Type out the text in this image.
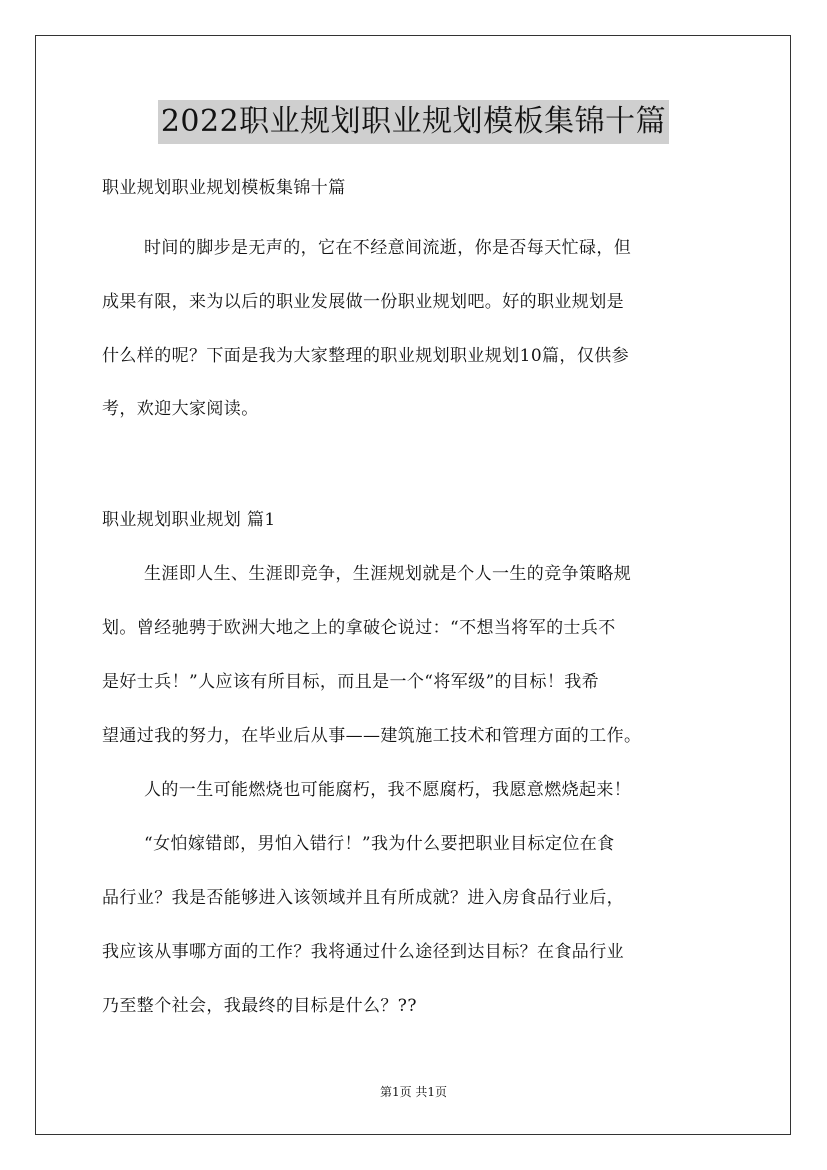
2022职业规划职业规划模板集锦十篇
职业规划职业规划模板集锦十篇
时间的脚步是无声的，它在不经意间流逝，你是否每天忙碌，但
成果有限，来为以后的职业发展做一份职业规划吧。好的职业规划是
什么样的呢？下面是我为大家整理的职业规划职业规划10篇，仅供参
考，欢迎大家阅读。
职业规划职业规划 篇1
生涯即人生、生涯即竞争，生涯规划就是个人一生的竞争策略规
划。曾经驰骋于欧洲大地之上的拿破仑说过：“不想当将军的士兵不
是好士兵！”人应该有所目标，而且是一个“将军级”的目标！我希
望通过我的努力，在毕业后从事——建筑施工技术和管理方面的工作。
人的一生可能燃烧也可能腐朽，我不愿腐朽，我愿意燃烧起来！
“女怕嫁错郎，男怕入错行！”我为什么要把职业目标定位在食
品行业？我是否能够进入该领域并且有所成就？进入房食品行业后，
我应该从事哪方面的工作？我将通过什么途径到达目标？在食品行业
乃至整个社会，我最终的目标是什么？??
第1页 共1页
